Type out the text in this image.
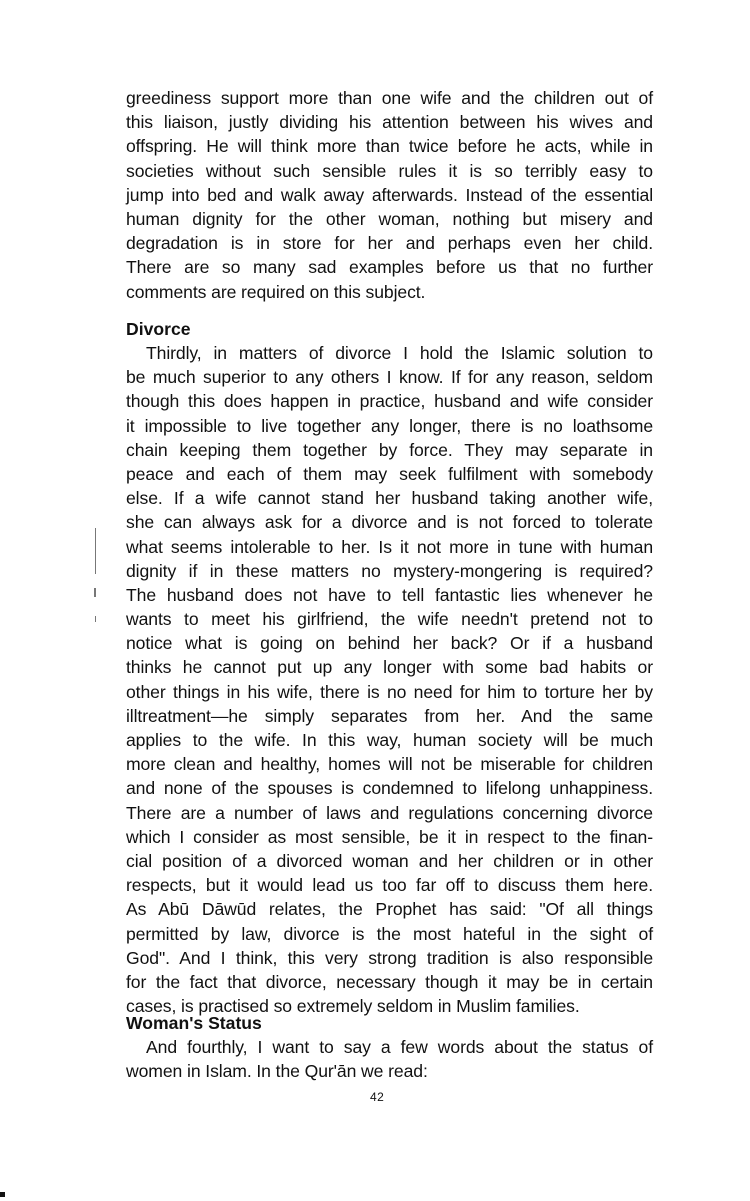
greediness support more than one wife and the children out of
this liaison, justly dividing his attention between his wives and
offspring. He will think more than twice before he acts, while in
societies without such sensible rules it is so terribly easy to
jump into bed and walk away afterwards. Instead of the essential
human dignity for the other woman, nothing but misery and
degradation is in store for her and perhaps even her child.
There are so many sad examples before us that no further
comments are required on this subject.
Divorce
Thirdly, in matters of divorce I hold the Islamic solution to
be much superior to any others I know. If for any reason, seldom
though this does happen in practice, husband and wife consider
it impossible to live together any longer, there is no loathsome
chain keeping them together by force. They may separate in
peace and each of them may seek fulfilment with somebody
else. If a wife cannot stand her husband taking another wife,
she can always ask for a divorce and is not forced to tolerate
what seems intolerable to her. Is it not more in tune with human
dignity if in these matters no mystery-mongering is required?
The husband does not have to tell fantastic lies whenever he
wants to meet his girlfriend, the wife needn't pretend not to
notice what is going on behind her back? Or if a husband
thinks he cannot put up any longer with some bad habits or
other things in his wife, there is no need for him to torture her by
illtreatment—he simply separates from her. And the same
applies to the wife. In this way, human society will be much
more clean and healthy, homes will not be miserable for children
and none of the spouses is condemned to lifelong unhappiness.
There are a number of laws and regulations concerning divorce
which I consider as most sensible, be it in respect to the finan-
cial position of a divorced woman and her children or in other
respects, but it would lead us too far off to discuss them here.
As Abū Dāwūd relates, the Prophet has said: "Of all things
permitted by law, divorce is the most hateful in the sight of
God". And I think, this very strong tradition is also responsible
for the fact that divorce, necessary though it may be in certain
cases, is practised so extremely seldom in Muslim families.
Woman's Status
And fourthly, I want to say a few words about the status of
women in Islam. In the Qur'ān we read:
42
